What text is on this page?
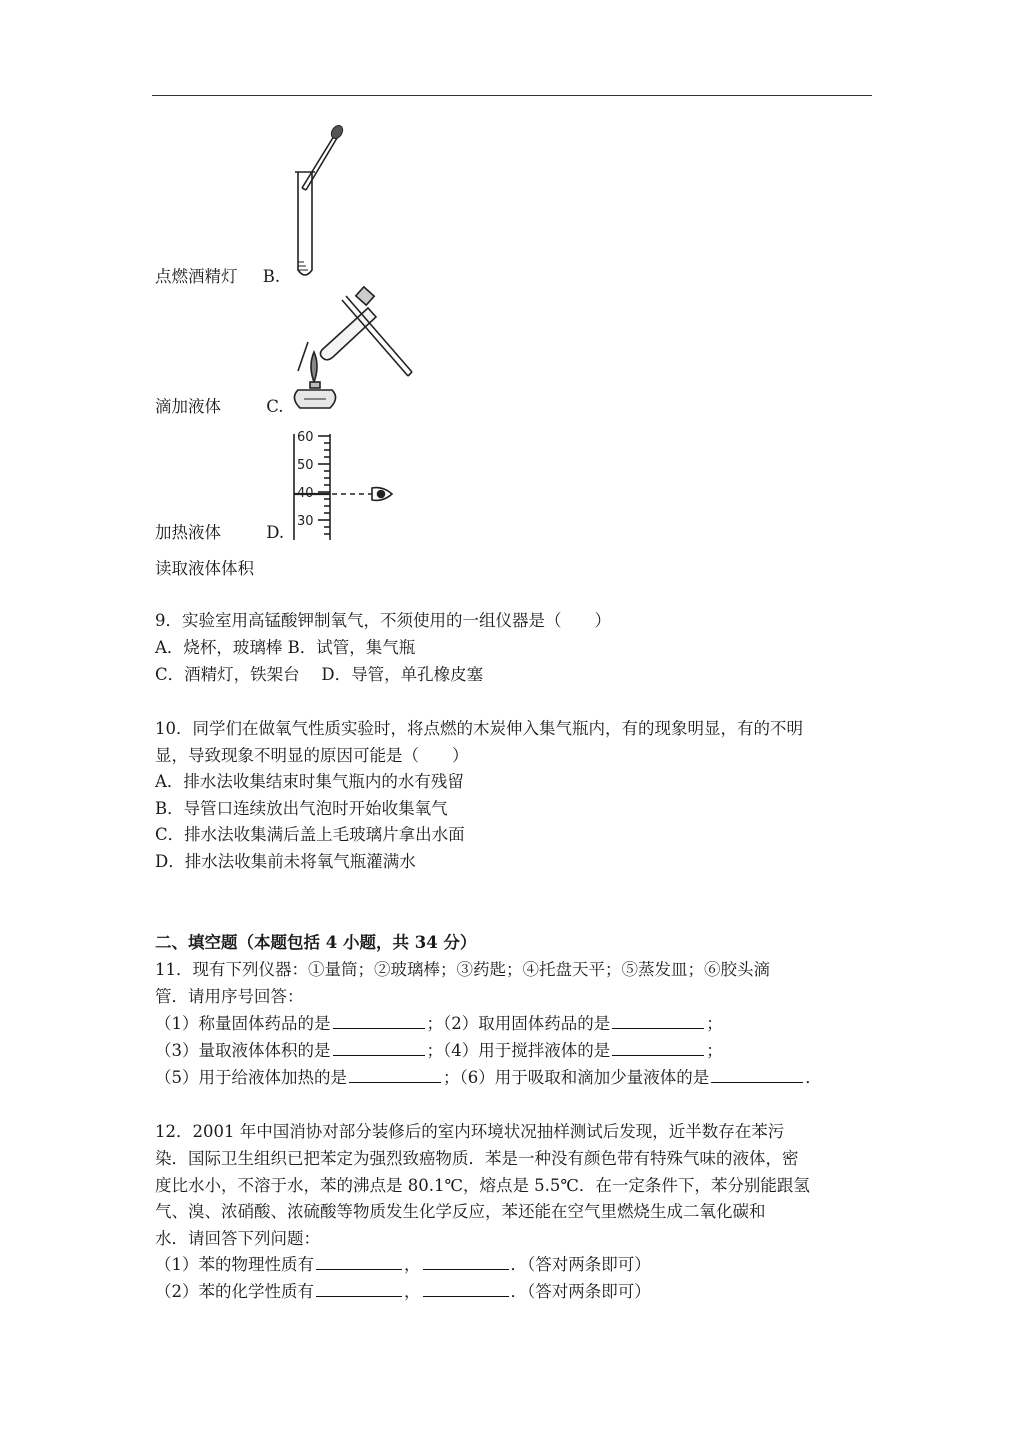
60
50
40
30
点燃酒精灯 B.
滴加液体	C.
加热液体	D.
读取液体体积
9．实验室用高锰酸钾制氧气，不须使用的一组仪器是（　　）
A．烧杯，玻璃棒 B．试管，集气瓶
C．酒精灯，铁架台　 D．导管，单孔橡皮塞
10．同学们在做氧气性质实验时，将点燃的木炭伸入集气瓶内，有的现象明显，有的不明
显，导致现象不明显的原因可能是（　　）
A．排水法收集结束时集气瓶内的水有残留
B．导管口连续放出气泡时开始收集氧气
C．排水法收集满后盖上毛玻璃片拿出水面
D．排水法收集前未将氧气瓶灌满水
二、填空题（本题包括 4 小题，共 34 分）
11．现有下列仪器：①量筒；②玻璃棒；③药匙；④托盘天平；⑤蒸发皿；⑥胶头滴
管．请用序号回答：
（1）称量固体药品的是	；（2）取用固体药品的是	；
（3）量取液体体积的是	；（4）用于搅拌液体的是	；
（5）用于给液体加热的是	；（6）用于吸取和滴加少量液体的是	．
12．2001 年中国消协对部分装修后的室内环境状况抽样测试后发现，近半数存在苯污
染．国际卫生组织已把苯定为强烈致癌物质．苯是一种没有颜色带有特殊气味的液体，密
度比水小，不溶于水，苯的沸点是 80.1℃，熔点是 5.5℃．在一定条件下，苯分别能跟氢
气、溴、浓硝酸、浓硫酸等物质发生化学反应，苯还能在空气里燃烧生成二氧化碳和
水．请回答下列问题：
（1）苯的物理性质有	，	．（答对两条即可）
（2）苯的化学性质有	，	．（答对两条即可）
